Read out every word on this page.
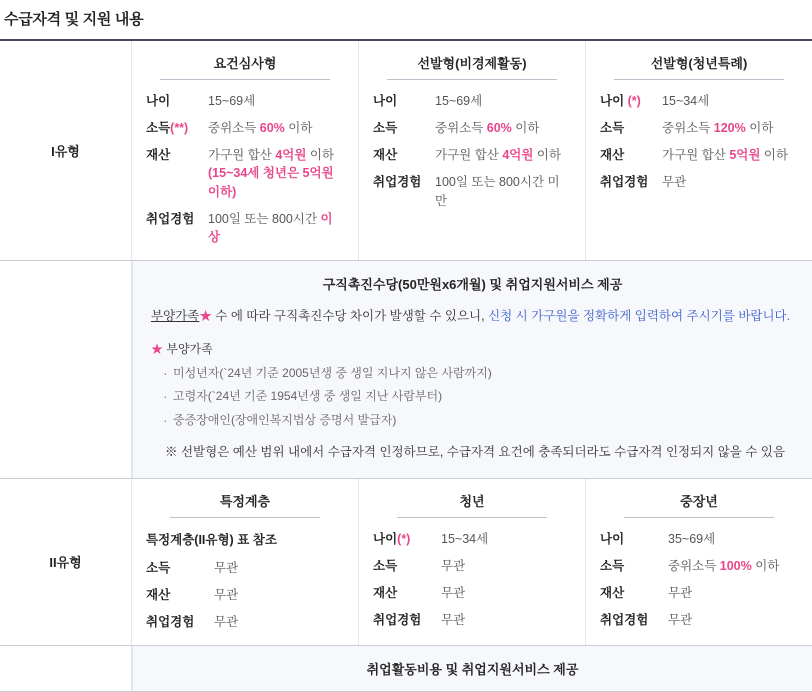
수급자격 및 지원 내용
I유형
요건심사형
나이	15~69세
소득(**)	중위소득 60% 이하
재산	가구원 합산 4억원 이하
(15~34세 청년은 5억원 이하)
취업경험	100일 또는 800시간 이상
선발형(비경제활동)
나이	15~69세
소득	중위소득 60% 이하
재산	가구원 합산 4억원 이하
취업경험	100일 또는 800시간 미만
선발형(청년특례)
나이 (*)	15~34세
소득	중위소득 120% 이하
재산	가구원 합산 5억원 이하
취업경험	무관
구직촉진수당(50만원x6개월) 및 취업지원서비스 제공
부양가족★ 수 에 따라 구직촉진수당 차이가 발생할 수 있으니, 신청 시 가구원을 정확하게 입력하여 주시기를 바랍니다.
★ 부양가족
· 미성년자(`24년 기준 2005년생 중 생일 지나지 않은 사람까지)
· 고령자(`24년 기준 1954년생 중 생일 지난 사람부터)
· 중증장애인(장애인복지법상 증명서 발급자)
※ 선발형은 예산 범위 내에서 수급자격 인정하므로, 수급자격 요건에 충족되더라도 수급자격 인정되지 않을 수 있음
II유형
특정계층
특정계층(II유형) 표 참조
소득	무관
재산	무관
취업경험	무관
청년
나이(*)	15~34세
소득	무관
재산	무관
취업경험	무관
중장년
나이	35~69세
소득	중위소득 100% 이하
재산	무관
취업경험	무관
취업활동비용 및 취업지원서비스 제공
